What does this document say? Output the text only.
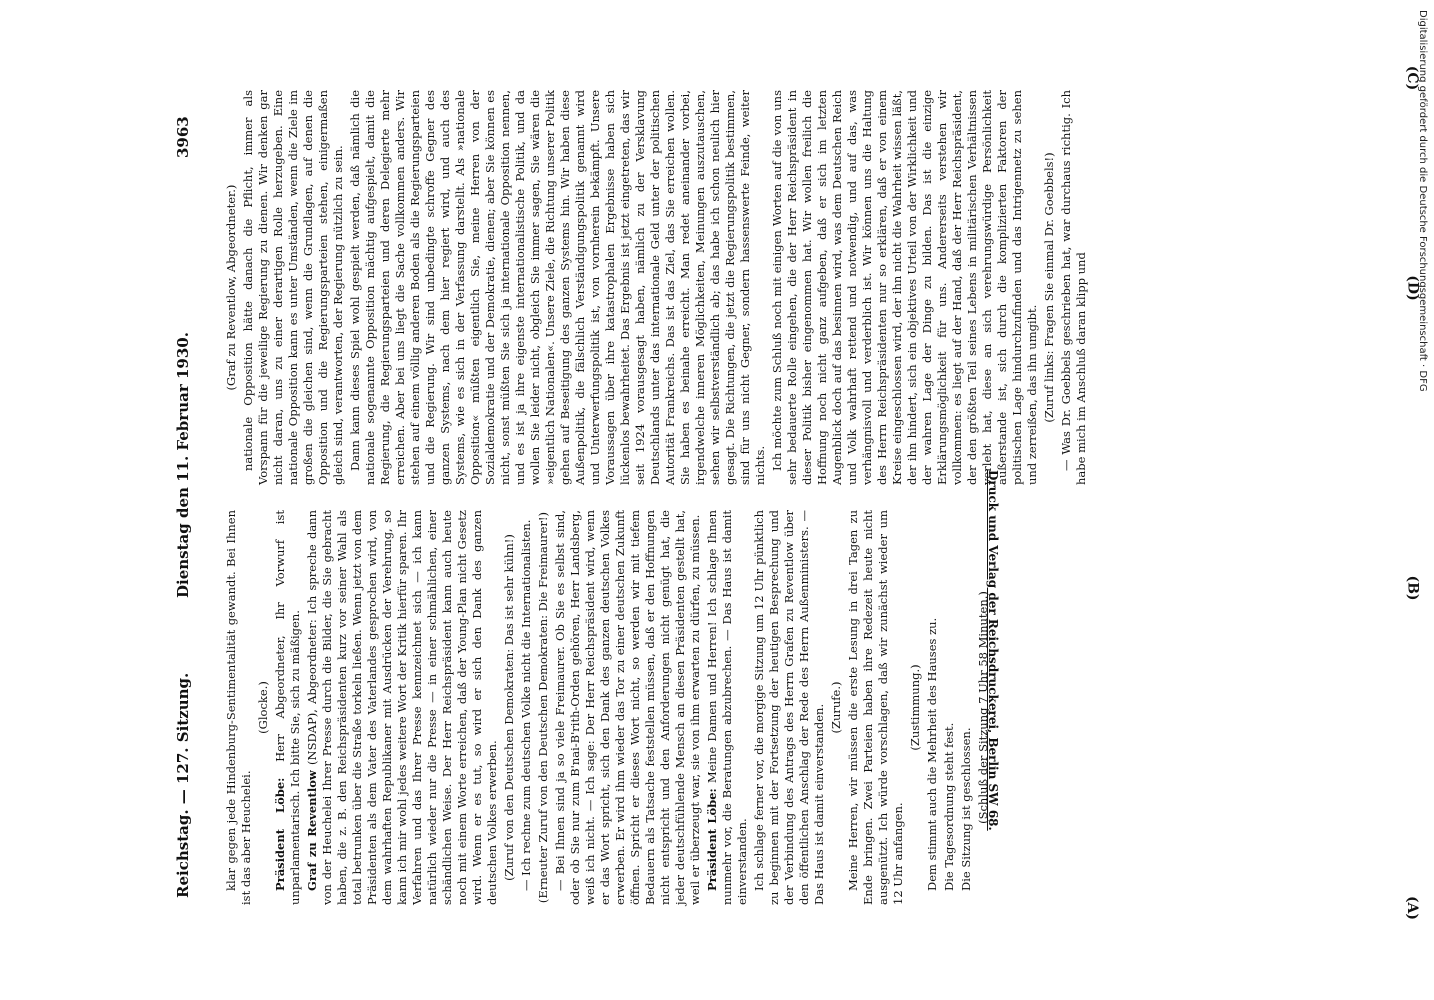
Reichstag. — 127. Sitzung.
Dienstag den 11. Februar 1930.
3963

(Graf zu Reventlow, Abgeordneter.) nationale Opposition hätte danach die Pflicht, immer als Vorspann für die jeweilige Regierung zu dienen. Wir denken gar nicht daran, uns zu einer derartigen Rolle herzugeben. Eine nationale Opposition kann es unter Umständen, wenn die Ziele im großen die gleichen sind, wenn die Grundlagen, auf denen die Opposition und die Regierungsparteien stehen, einigermaßen gleich sind, verantworten, der Regierung nützlich zu sein. Dann kann dieses Spiel wohl gespielt werden, daß nämlich die nationale sogenannte Opposition mächtig aufgespielt, damit die Regierung, die Regierungsparteien und deren Delegierte mehr erreichen. Aber bei uns liegt die Sache vollkommen anders. Wir stehen auf einem völlig anderen Boden als die Regierungsparteien und die Regierung. Wir sind unbedingte schroffe Gegner des ganzen Systems, nach dem hier regiert wird, und auch des Systems, wie es sich in der Verfassung darstellt. Als »nationale Opposition« müßten eigentlich Sie, meine Herren von der Sozialdemokratie und der Demokratie, dienen; aber Sie können es nicht, sonst müßten Sie sich ja internationale Opposition nennen, und es ist ja ihre eigenste internationalistische Politik, und da wollen Sie leider nicht, obgleich Sie immer sagen, Sie wären die »eigentlich Nationalen«. Unsere Ziele, die Richtung unserer Politik gehen auf Beseitigung des ganzen Systems hin. Wir haben diese Außenpolitik, die fälschlich Verständigungspolitik genannt wird und Unterwerfungspolitik ist, von vornherein bekämpft. Unsere Voraussagen über ihre katastrophalen Ergebnisse haben sich lückenlos bewahrheitet. Das Ergebnis ist jetzt eingetreten, das wir seit 1924 vorausgesagt haben, nämlich zu der Versklavung Deutschlands unter das internationale Geld unter der politischen Autorität Frankreichs. Das ist das Ziel, das Sie erreichen wollen. Sie haben es beinahe erreicht. Man redet aneinander vorbei, irgendwelche inneren Möglichkeiten, Meinungen auszutauschen, sehen wir selbstverständlich ab; das habe ich schon neulich hier gesagt. Die Richtungen, die jetzt die Regierungspolitik bestimmen, sind für uns nicht Gegner, sondern hassenswerte Feinde, weiter nichts. Ich möchte zum Schluß noch mit einigen Worten auf die von uns sehr bedauerte Rolle eingehen, die der Herr Reichspräsident in dieser Politik bisher eingenommen hat. Wir wollen freilich die Hoffnung noch nicht ganz aufgeben, daß er sich im letzten Augenblick doch auf das besinnen wird, was dem Deutschen Reich und Volk wahrhaft rettend und notwendig, und auf das, was verhängnisvoll und verderblich ist. Wir können uns die Haltung des Herrn Reichspräsidenten nur so erklären, daß er von einem Kreise eingeschlossen wird, der ihn nicht die Wahrheit wissen läßt, der ihn hindert, sich ein objektives Urteil von der Wirklichkeit und der wahren Lage der Dinge zu bilden. Das ist die einzige Erklärungsmöglichkeit für uns. Andererseits verstehen wir vollkommen: es liegt auf der Hand, daß der Herr Reichspräsident, der den größten Teil seines Lebens in militärischen Verhältnissen verlebt hat, diese an sich verehrungswürdige Persönlichkeit außerstande ist, sich durch die komplizierten Faktoren der politischen Lage hindurchzufinden und das Intrigennetz zu sehen und zerreißen, das ihn umgibt. (Zuruf links: Fragen Sie einmal Dr. Goebbels!) — Was Dr. Goebbels geschrieben hat, war durchaus richtig. Ich habe mich im Anschluß daran klipp und

klar gegen jede Hindenburg-Sentimentalität gewandt. Bei Ihnen ist das aber Heuchelei.

(Glocke.)

Präsident Löbe: Herr Abgeordneter, Ihr Vorwurf ist unparlamentarisch. Ich bitte Sie, sich zu mäßigen. Graf zu Reventlow (NSDAP), Abgeordneter: Ich spreche dann von der Heuchelei Ihrer Presse durch die Bilder, die Sie gebracht haben, die z. B. den Reichspräsidenten kurz vor seiner Wahl als total betrunken über die Straße torkeln ließen. Wenn jetzt von dem Präsidenten als dem Vater des Vaterlandes gesprochen wird, von dem wahrhaften Republikaner mit Ausdrücken der Verehrung, so kann ich mir wohl jedes weitere Wort der Kritik hierfür sparen. Ihr Verfahren und das Ihrer Presse kennzeichnet sich — ich kann natürlich wieder nur die Presse — in einer schmählichen, einer schändlichen Weise. Der Herr Reichspräsident kann auch heute noch mit einem Worte erreichen, daß der Young-Plan nicht Gesetz wird. Wenn er es tut, so wird er sich den Dank des ganzen deutschen Volkes erwerben. (Zuruf von den Deutschen Demokraten: Das ist sehr kühn!) — Ich rechne zum deutschen Volke nicht die Internationalisten. (Erneuter Zuruf von den Deutschen Demokraten: Die Freimaurer!) — Bei Ihnen sind ja so viele Freimaurer. Ob Sie es selbst sind, oder ob Sie nur zum B'nai-B'rith-Orden gehören, Herr Landsberg, weiß ich nicht. — Ich sage: Der Herr Reichspräsident wird, wenn er das Wort spricht, sich den Dank des ganzen deutschen Volkes erwerben. Er wird ihm wieder das Tor zu einer deutschen Zukunft öffnen. Spricht er dieses Wort nicht, so werden wir mit tiefem Bedauern als Tatsache feststellen müssen, daß er den Hoffnungen nicht entspricht und den Anforderungen nicht genügt hat, die jeder deutschfühlende Mensch an diesen Präsidenten gestellt hat, weil er überzeugt war, sie von ihm erwarten zu dürfen, zu müssen. Präsident Löbe: Meine Damen und Herren! Ich schlage Ihnen nunmehr vor, die Beratungen abzubrechen. — Das Haus ist damit einverstanden. Ich schlage ferner vor, die morgige Sitzung um 12 Uhr pünktlich zu beginnen mit der Fortsetzung der heutigen Besprechung und der Verbindung des Antrags des Herrn Grafen zu Reventlow über den öffentlichen Anschlag der Rede des Herrn Außenministers. — Das Haus ist damit einverstanden. (Zurufe.) Meine Herren, wir müssen die erste Lesung in drei Tagen zu Ende bringen. Zwei Parteien haben ihre Redezeit heute nicht ausgenützt. Ich würde vorschlagen, daß wir zunächst wieder um 12 Uhr anfangen.

(Zustimmung.) Dem stimmt auch die Mehrheit des Hauses zu. Die Tagesordnung steht fest. Die Sitzung ist geschlossen. (Schluß der Sitzung 7 Uhr 58 Minuten.)

(C)
(D)
(B)
(A)
Druck und Verlag der Reichsdruckerei, Berlin SW 68.
Digitalisierung gefördert durch die Deutsche Forschungsgemeinschaft · DFG
